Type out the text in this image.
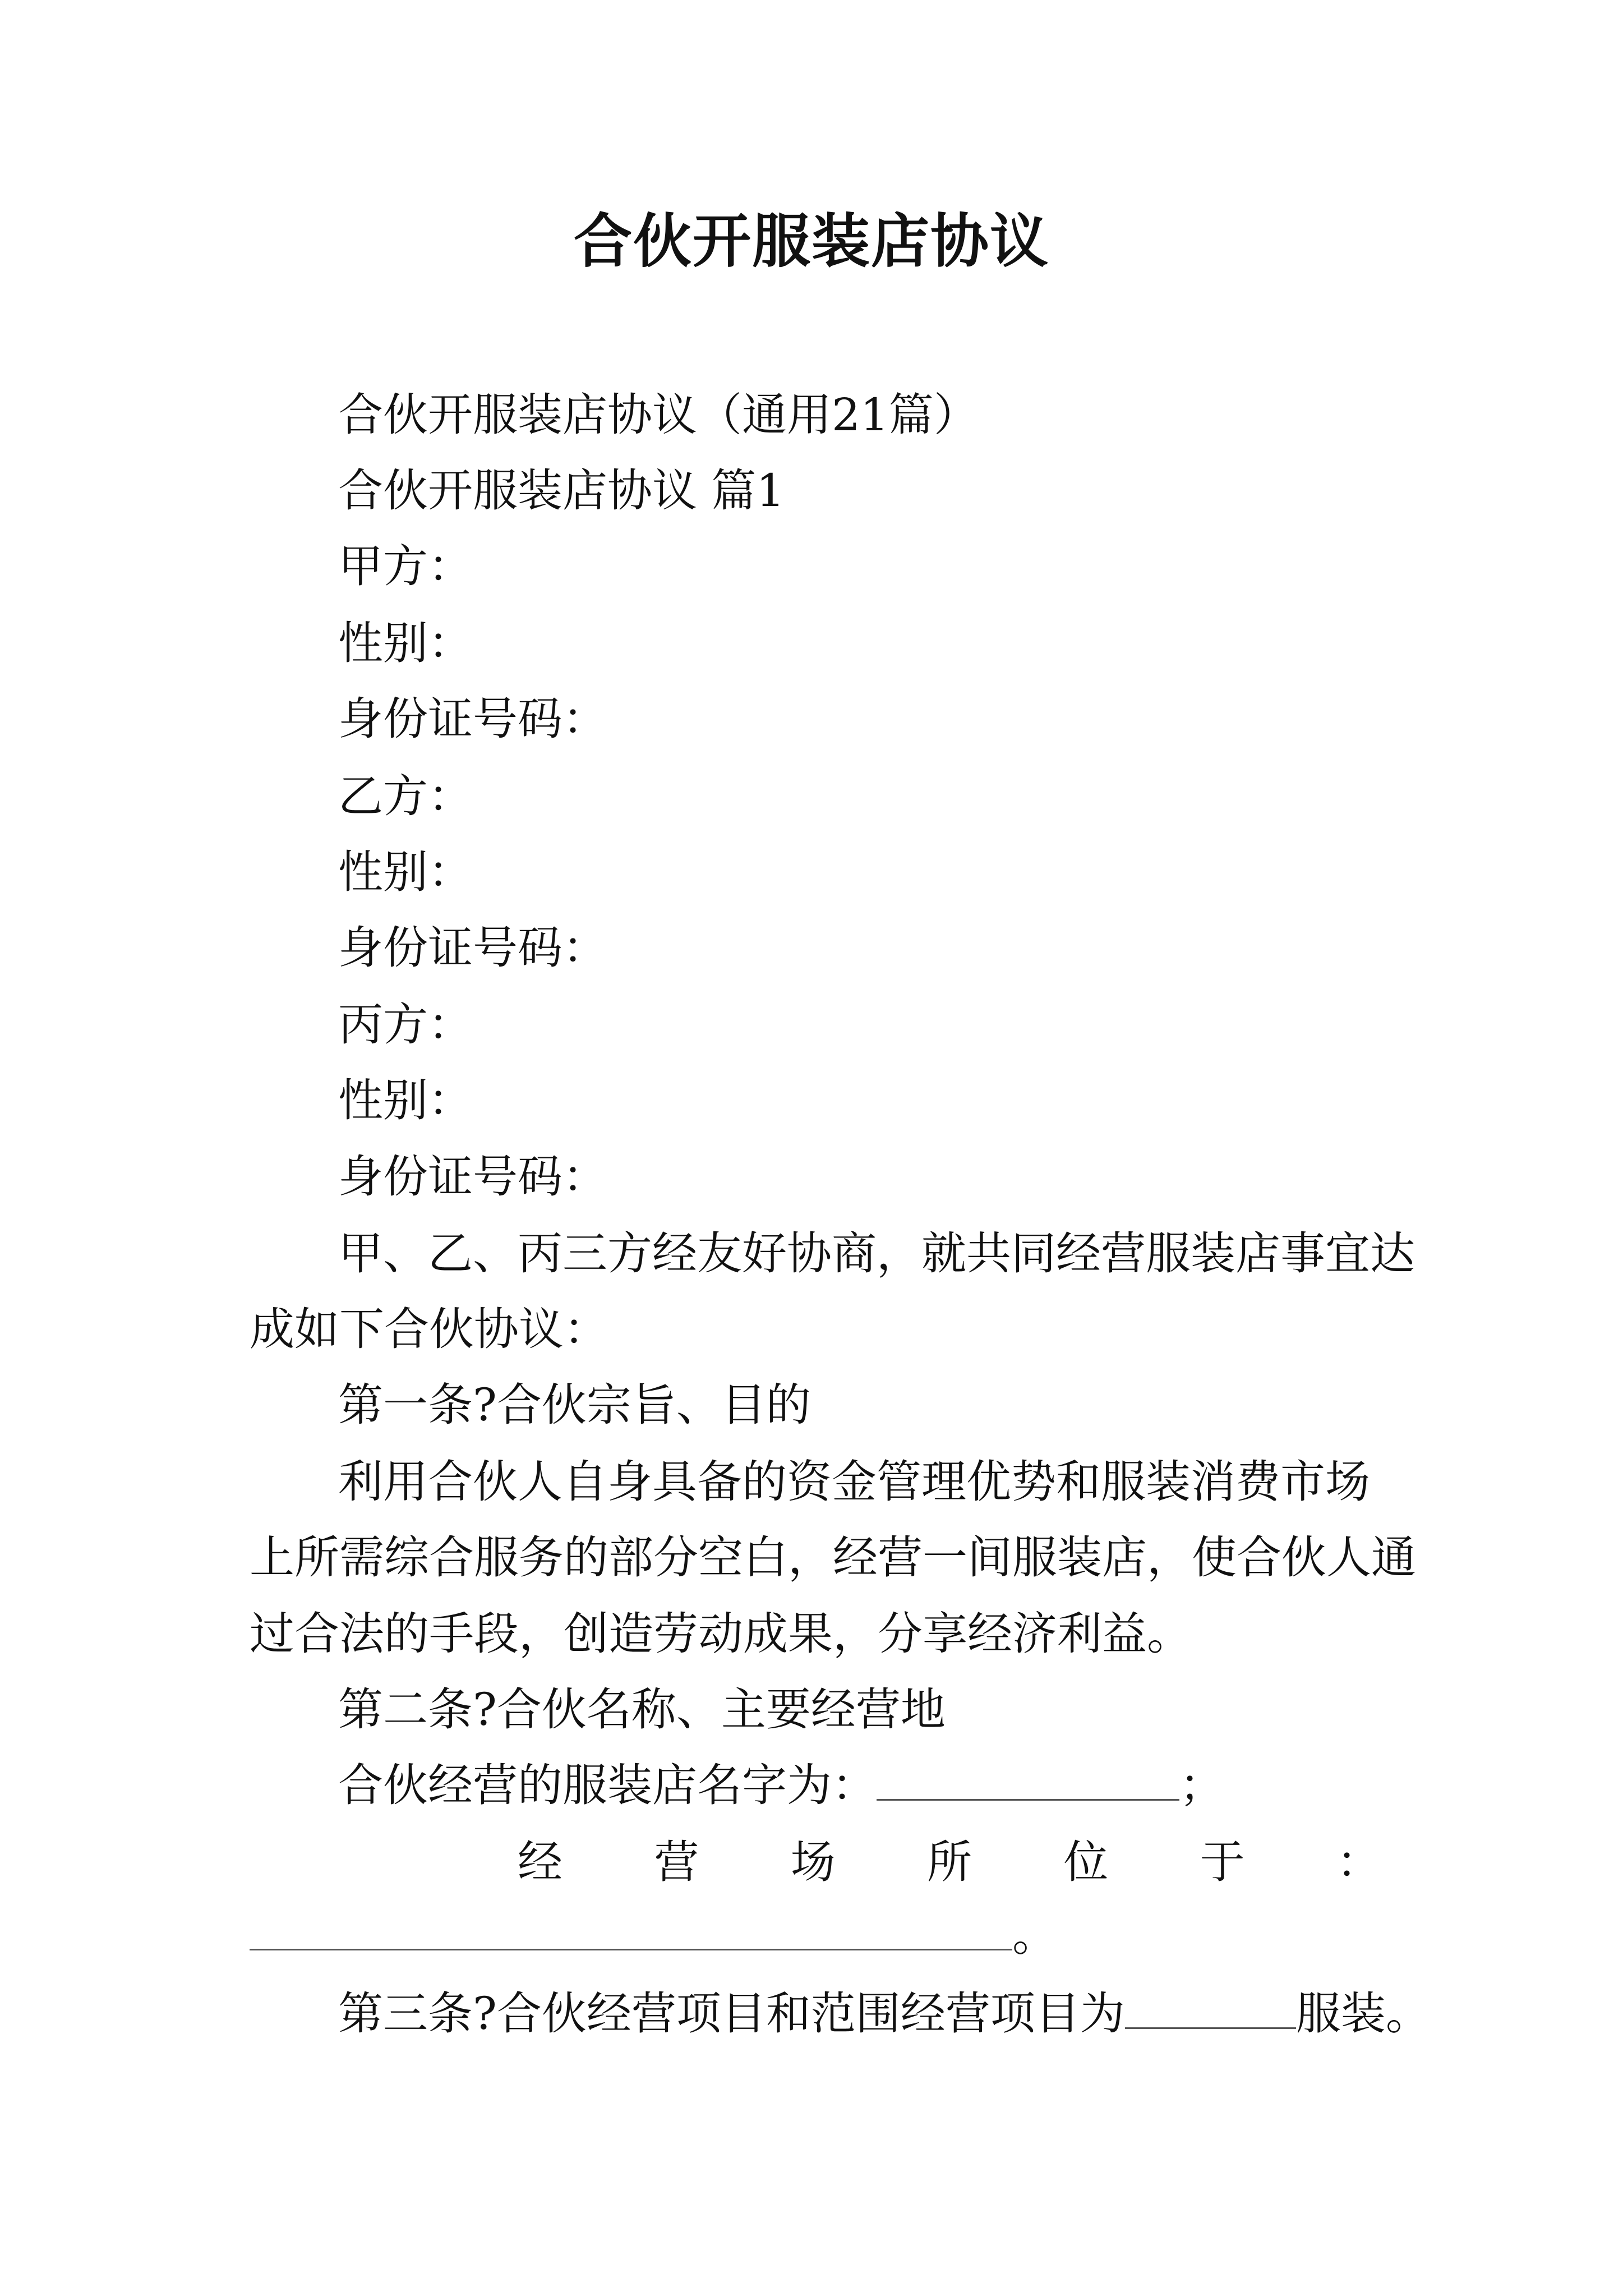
合伙开服装店协议
合伙开服装店协议（通用21篇）
合伙开服装店协议 篇1
甲方：
性别：
身份证号码：
乙方：
性别：
身份证号码：
丙方：
性别：
身份证号码：
甲、乙、丙三方经友好协商，就共同经营服装店事宜达
成如下合伙协议：
第一条?合伙宗旨、目的
利用合伙人自身具备的资金管理优势和服装消费市场
上所需综合服务的部分空白，经营一间服装店，使合伙人通
过合法的手段，创造劳动成果，分享经济利益。
第二条?合伙名称、主要经营地
合伙经营的服装店名字为：	；
经 营 场 所 位 于 ：
。
第三条?合伙经营项目和范围经营项目为	服装。
